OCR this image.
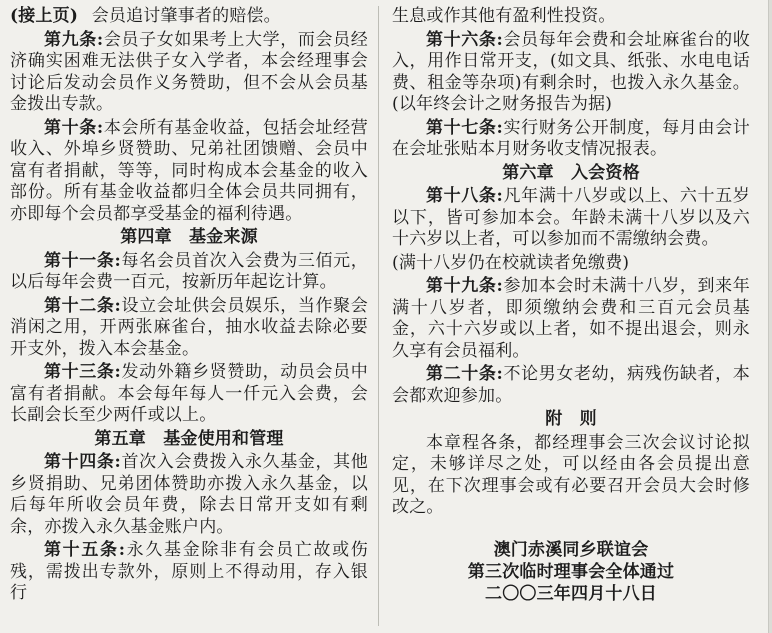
(接上页) 会员追讨肇事者的赔偿。

第九条:会员子女如果考上大学，而会员经济确实困难无法供子女入学者，本会经理事会讨论后发动会员作义务赞助，但不会从会员基金拨出专款。

第十条:本会所有基金收益，包括会址经营收入、外埠乡贤赞助、兄弟社团馈赠、会员中富有者捐献，等等，同时构成本会基金的收入部份。所有基金收益都归全体会员共同拥有，亦即每个会员都享受基金的福利待遇。

第四章　基金来源

第十一条:每名会员首次入会费为三佰元，以后每年会费一百元，按新历年起讫计算。

第十二条:设立会址供会员娱乐，当作聚会消闲之用，开两张麻雀台，抽水收益去除必要开支外，拨入本会基金。

第十三条:发动外籍乡贤赞助，动员会员中富有者捐献。本会每年每人一仟元入会费，会长副会长至少两仟或以上。

第五章　基金使用和管理

第十四条:首次入会费拨入永久基金，其他乡贤捐助、兄弟团体赞助亦拨入永久基金，以后每年所收会员年费，除去日常开支如有剩余，亦拨入永久基金账户内。

第十五条:永久基金除非有会员亡故或伤残，需拨出专款外，原则上不得动用，存入银行

生息或作其他有盈利性投资。

第十六条:会员每年会费和会址麻雀台的收入，用作日常开支，(如文具、纸张、水电电话费、租金等杂项)有剩余时，也拨入永久基金。(以年终会计之财务报告为据)

第十七条:实行财务公开制度，每月由会计在会址张贴本月财务收支情况报表。

第六章　入会资格

第十八条:凡年满十八岁或以上、六十五岁以下，皆可参加本会。年龄未满十八岁以及六十六岁以上者，可以参加而不需缴纳会费。

(满十八岁仍在校就读者免缴费)

第十九条:参加本会时未满十八岁，到来年满十八岁者，即须缴纳会费和三百元会员基金，六十六岁或以上者，如不提出退会，则永久享有会员福利。

第二十条:不论男女老幼，病残伤缺者，本会都欢迎参加。

附　则

本章程各条，都经理事会三次会议讨论拟定，未够详尽之处，可以经由各会员提出意见，在下次理事会或有必要召开会员大会时修改之。

澳门赤溪同乡联谊会
第三次临时理事会全体通过
二〇〇三年四月十八日
